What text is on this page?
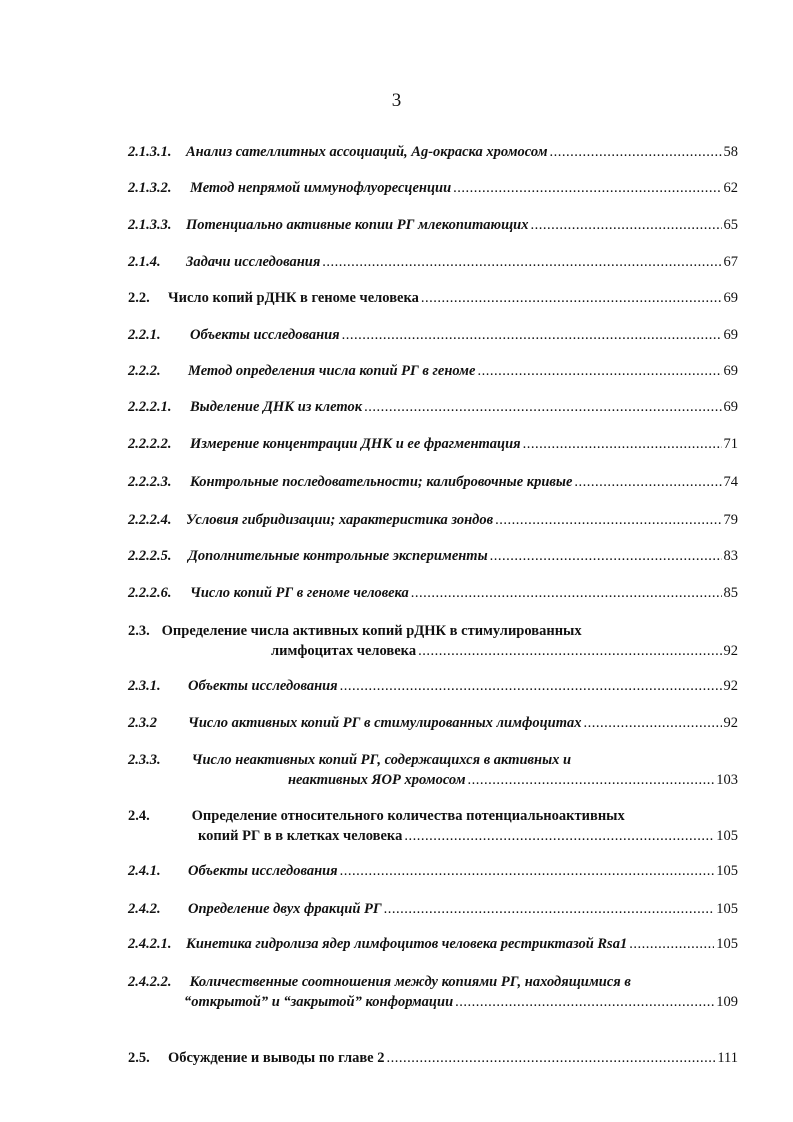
3
2.1.3.1.	Анализ сателлитных ассоциаций, Ag-окраска хромосом .....	58
2.1.3.2.	Метод непрямой иммунофлуоресценции .....	62
2.1.3.3.	Потенциально активные копии РГ млекопитающих .....	65
2.1.4.	Задачи исследования .....	67
2.2.	Число копий рДНК в геноме человека .....	69
2.2.1.	Объекты исследования .....	69
2.2.2.	Метод определения числа копий РГ в геноме .....	69
2.2.2.1.	Выделение ДНК из клеток .....	69
2.2.2.2.	Измерение концентрации ДНК и ее фрагментация .....	71
2.2.2.3.	Контрольные последовательности; калибровочные кривые .....	74
2.2.2.4.	Условия гибридизации; характеристика зондов .....	79
2.2.2.5.	Дополнительные контрольные эксперименты .....	83
2.2.2.6.	Число копий РГ в геноме человека .....	85
2.3. Определение числа активных копий рДНК в стимулированных
лимфоцитах человека .....	92
2.3.1.	Объекты исследования .....	92
2.3.2	Число активных копий РГ в стимулированных лимфоцитах .....	92
2.3.3. Число неактивных копий РГ, содержащихся в активных и
неактивных ЯОР хромосом .....	103
2.4.	Определение относительного количества потенциальноактивных
копий РГ в в клетках человека .....	105
2.4.1.	Объекты исследования .....	105
2.4.2.	Определение двух фракций РГ .....	105
2.4.2.1.	Кинетика гидролиза ядер лимфоцитов человека рестриктазой Rsa1 .....	105
2.4.2.2. Количественные соотношения между копиями РГ, находящимися в
“открытой” и “закрытой” конформации .....	109
2.5.	Обсуждение и выводы по главе 2 .....	111
